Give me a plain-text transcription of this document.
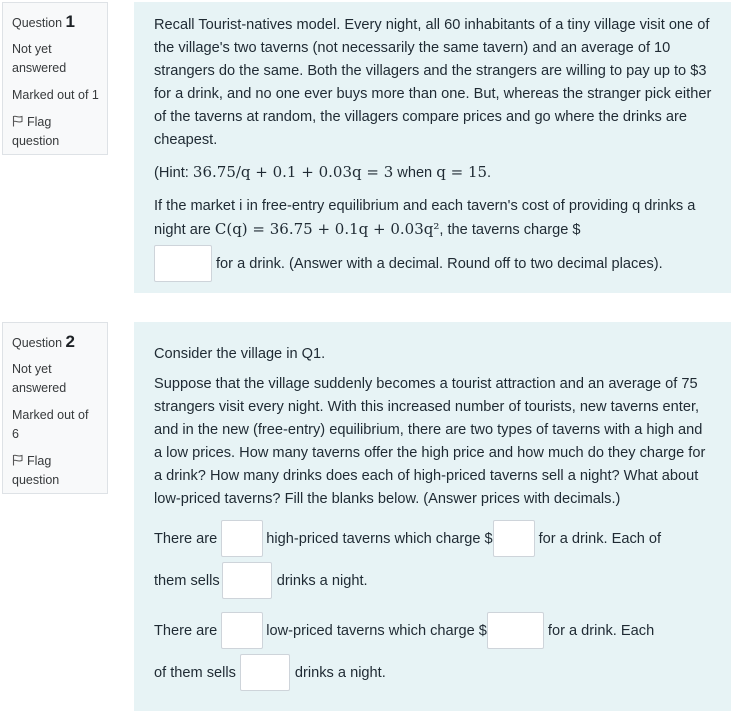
Question 1
Not yet
answered
Marked out of 1
Flag
question

Recall Tourist-natives model. Every night, all 60 inhabitants of a tiny village visit one of the village's two taverns (not necessarily the same tavern) and an average of 10 strangers do the same. Both the villagers and the strangers are willing to pay up to $3 for a drink, and no one ever buys more than one. But, whereas the stranger pick either of the taverns at random, the villagers compare prices and go where the drinks are cheapest.

(Hint: 36.75/q + 0.1 + 0.03q = 3 when q = 15.

If the market i in free-entry equilibrium and each tavern's cost of providing q drinks a night are C(q) = 36.75 + 0.1q + 0.03q², the taverns charge $

for a drink. (Answer with a decimal. Round off to two decimal places).
Question 2
Not yet
answered
Marked out of
6
Flag
question

Consider the village in Q1.

Suppose that the village suddenly becomes a tourist attraction and an average of 75 strangers visit every night. With this increased number of tourists, new taverns enter, and in the new (free-entry) equilibrium, there are two types of taverns with a high and a low prices. How many taverns offer the high price and how much do they charge for a drink? How many drinks does each of high-priced taverns sell a night? What about low-priced taverns? Fill the blanks below. (Answer prices with decimals.)

There are	high-priced taverns which charge $	for a drink. Each of
them sells	drinks a night.
There are	low-priced taverns which charge $	for a drink. Each
of them sells	drinks a night.
